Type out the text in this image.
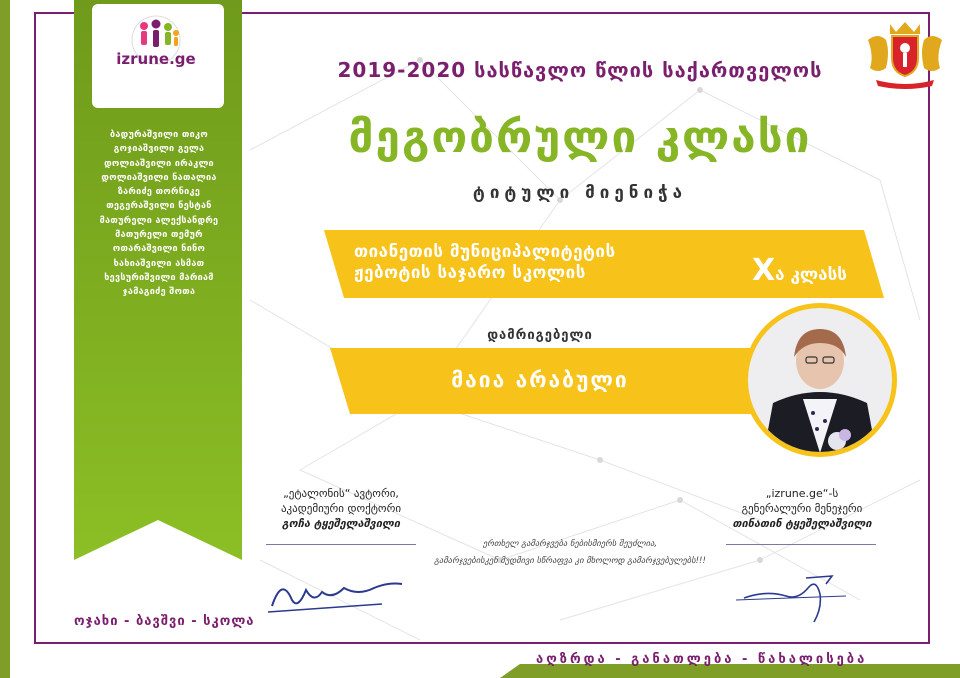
izrune.ge
ბადურაშვილი თიკო
გოჯიაშვილი გელა
დოლიაშვილი ირაკლი
დოლიაშვილი ნათალია
ზარიძე თორნიკე
თეგერაშვილი ნესტან
მათურელი ალექსანდრე
მათურელი თემურ
ოთარაშვილი ნინო
ხახიაშვილი ასმათ
ხევსურიშვილი მარიამ
ჯამაგიძე შოთა
2019-2020 სასწავლო წლის საქართველოს
მეგობრული კლასი
ტიტული მიენიჭა
თიანეთის მუნიციპალიტეტის
ჟებოტის საჯარო სკოლის	Xა კლასს
დამრიგებელი
მაია არაბული
„ეტალონის“ ავტორი,
აკადემიური დოქტორი
გოჩა ტყეშელაშვილი
ერთხელ გამარჯვება ნებისმიერს შეუძლია,
გამარჯვებისკენ მუდმივი სწრაფვა კი მხოლოდ გამარჯვებულებს!!!
„izrune.ge“-ს
გენერალური მენეჯერი
თინათინ ტყეშელაშვილი
ოჯახი - ბავშვი - სკოლა
აღზრდა - განათლება - წახალისება
